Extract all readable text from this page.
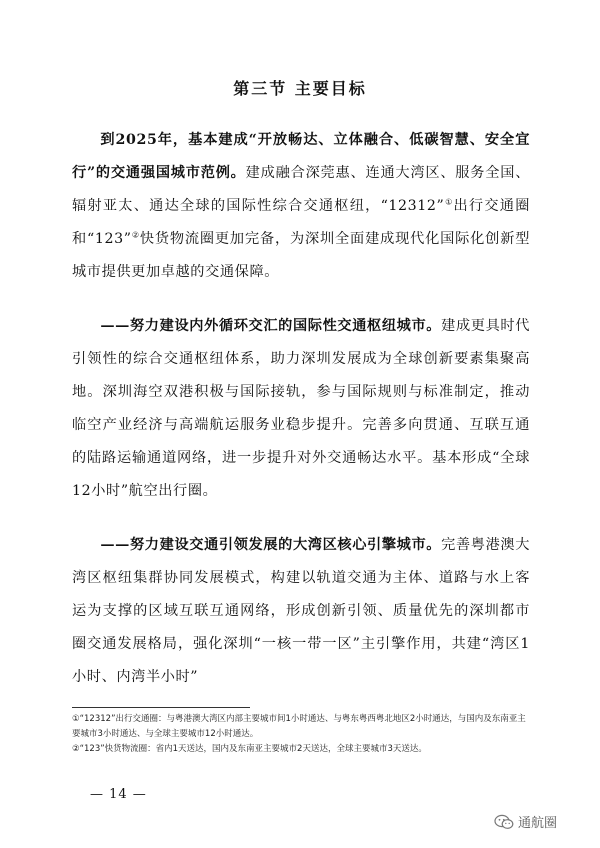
第三节 主要目标

到2025年，基本建成“开放畅达、立体融合、低碳智慧、安全宜行”的交通强国城市范例。建成融合深莞惠、连通大湾区、服务全国、辐射亚太、通达全球的国际性综合交通枢纽，“12312”①出行交通圈和“123”②快货物流圈更加完备，为深圳全面建成现代化国际化创新型城市提供更加卓越的交通保障。

——努力建设内外循环交汇的国际性交通枢纽城市。建成更具时代引领性的综合交通枢纽体系，助力深圳发展成为全球创新要素集聚高地。深圳海空双港积极与国际接轨，参与国际规则与标准制定，推动临空产业经济与高端航运服务业稳步提升。完善多向贯通、互联互通的陆路运输通道网络，进一步提升对外交通畅达水平。基本形成“全球12小时”航空出行圈。

——努力建设交通引领发展的大湾区核心引擎城市。完善粤港澳大湾区枢纽集群协同发展模式，构建以轨道交通为主体、道路与水上客运为支撑的区域互联互通网络，形成创新引领、质量优先的深圳都市圈交通发展格局，强化深圳“一核一带一区”主引擎作用，共建“湾区1小时、内湾半小时”

①“12312”出行交通圈：与粤港澳大湾区内部主要城市间1小时通达、与粤东粤西粤北地区2小时通达，与国内及东南亚主要城市3小时通达、与全球主要城市12小时通达。

②“123”快货物流圈：省内1天送达，国内及东南亚主要城市2天送达，全球主要城市3天送达。

— 14 —
通航圈
